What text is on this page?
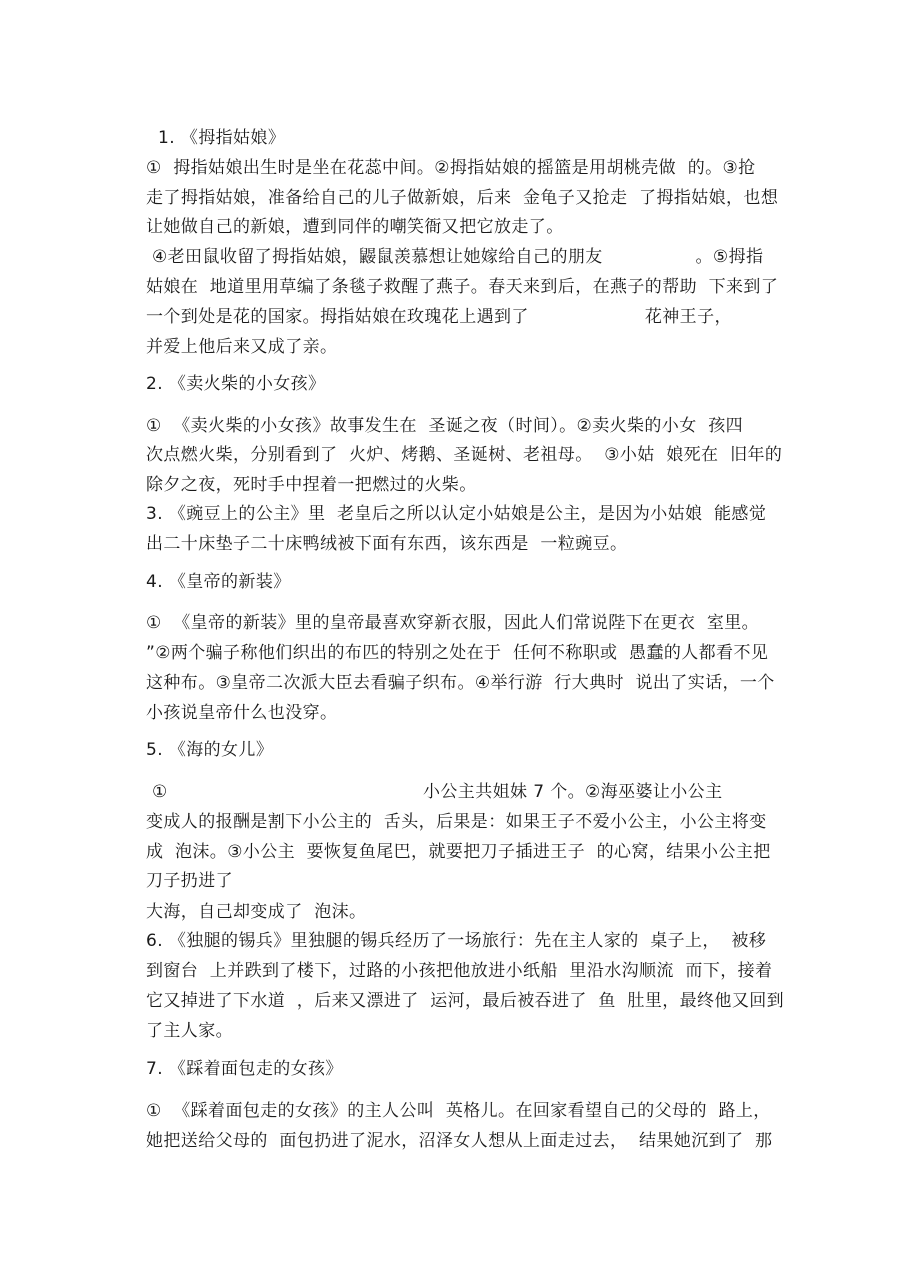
1. 《拇指姑娘》
①  拇指姑娘出生时是坐在花蕊中间。②拇指姑娘的摇篮是用胡桃壳做  的。③抢
走了拇指姑娘，准备给自己的儿子做新娘，后来  金龟子又抢走  了拇指姑娘，也想
让她做自己的新娘，遭到同伴的嘲笑衙又把它放走了。
④老田鼠收留了拇指姑娘，鼹鼠羡慕想让她嫁给自己的朋友                。⑤拇指
姑娘在  地道里用草编了条毯子救醒了燕子。春天来到后，在燕子的帮助  下来到了
一个到处是花的国家。拇指姑娘在玫瑰花上遇到了                    花神王子，
并爱上他后来又成了亲。
2. 《卖火柴的小女孩》
①  《卖火柴的小女孩》故事发生在  圣诞之夜（时间）。②卖火柴的小女  孩四
次点燃火柴，分别看到了  火炉、烤鹅、圣诞树、老祖母。  ③小姑  娘死在  旧年的
除夕之夜，死时手中捏着一把燃过的火柴。
3. 《豌豆上的公主》里  老皇后之所以认定小姑娘是公主，是因为小姑娘  能感觉
出二十床垫子二十床鸭绒被下面有东西，该东西是  一粒豌豆。
4. 《皇帝的新装》
①  《皇帝的新装》里的皇帝最喜欢穿新衣服，因此人们常说陛下在更衣  室里。
”②两个骗子称他们织出的布匹的特别之处在于  任何不称职或  愚蠢的人都看不见
这种布。③皇帝二次派大臣去看骗子织布。④举行游  行大典时  说出了实话，一个
小孩说皇帝什么也没穿。
5. 《海的女儿》
①                                            小公主共姐妹 7 个。②海巫婆让小公主
变成人的报酬是割下小公主的  舌头，后果是：如果王子不爱小公主，小公主将变
成  泡沫。③小公主  要恢复鱼尾巴，就要把刀子插进王子  的心窝，结果小公主把
刀子扔进了
大海，自己却变成了  泡沫。
6. 《独腿的锡兵》里独腿的锡兵经历了一场旅行：先在主人家的  桌子上，  被移
到窗台  上并跌到了楼下，过路的小孩把他放进小纸船  里沿水沟顺流  而下，接着
它又掉进了下水道  ，后来又漂进了  运河，最后被吞进了  鱼  肚里，最终他又回到
了主人家。
7. 《踩着面包走的女孩》
①  《踩着面包走的女孩》的主人公叫  英格儿。在回家看望自己的父母的  路上，
她把送给父母的  面包扔进了泥水，沼泽女人想从上面走过去，  结果她沉到了  那
